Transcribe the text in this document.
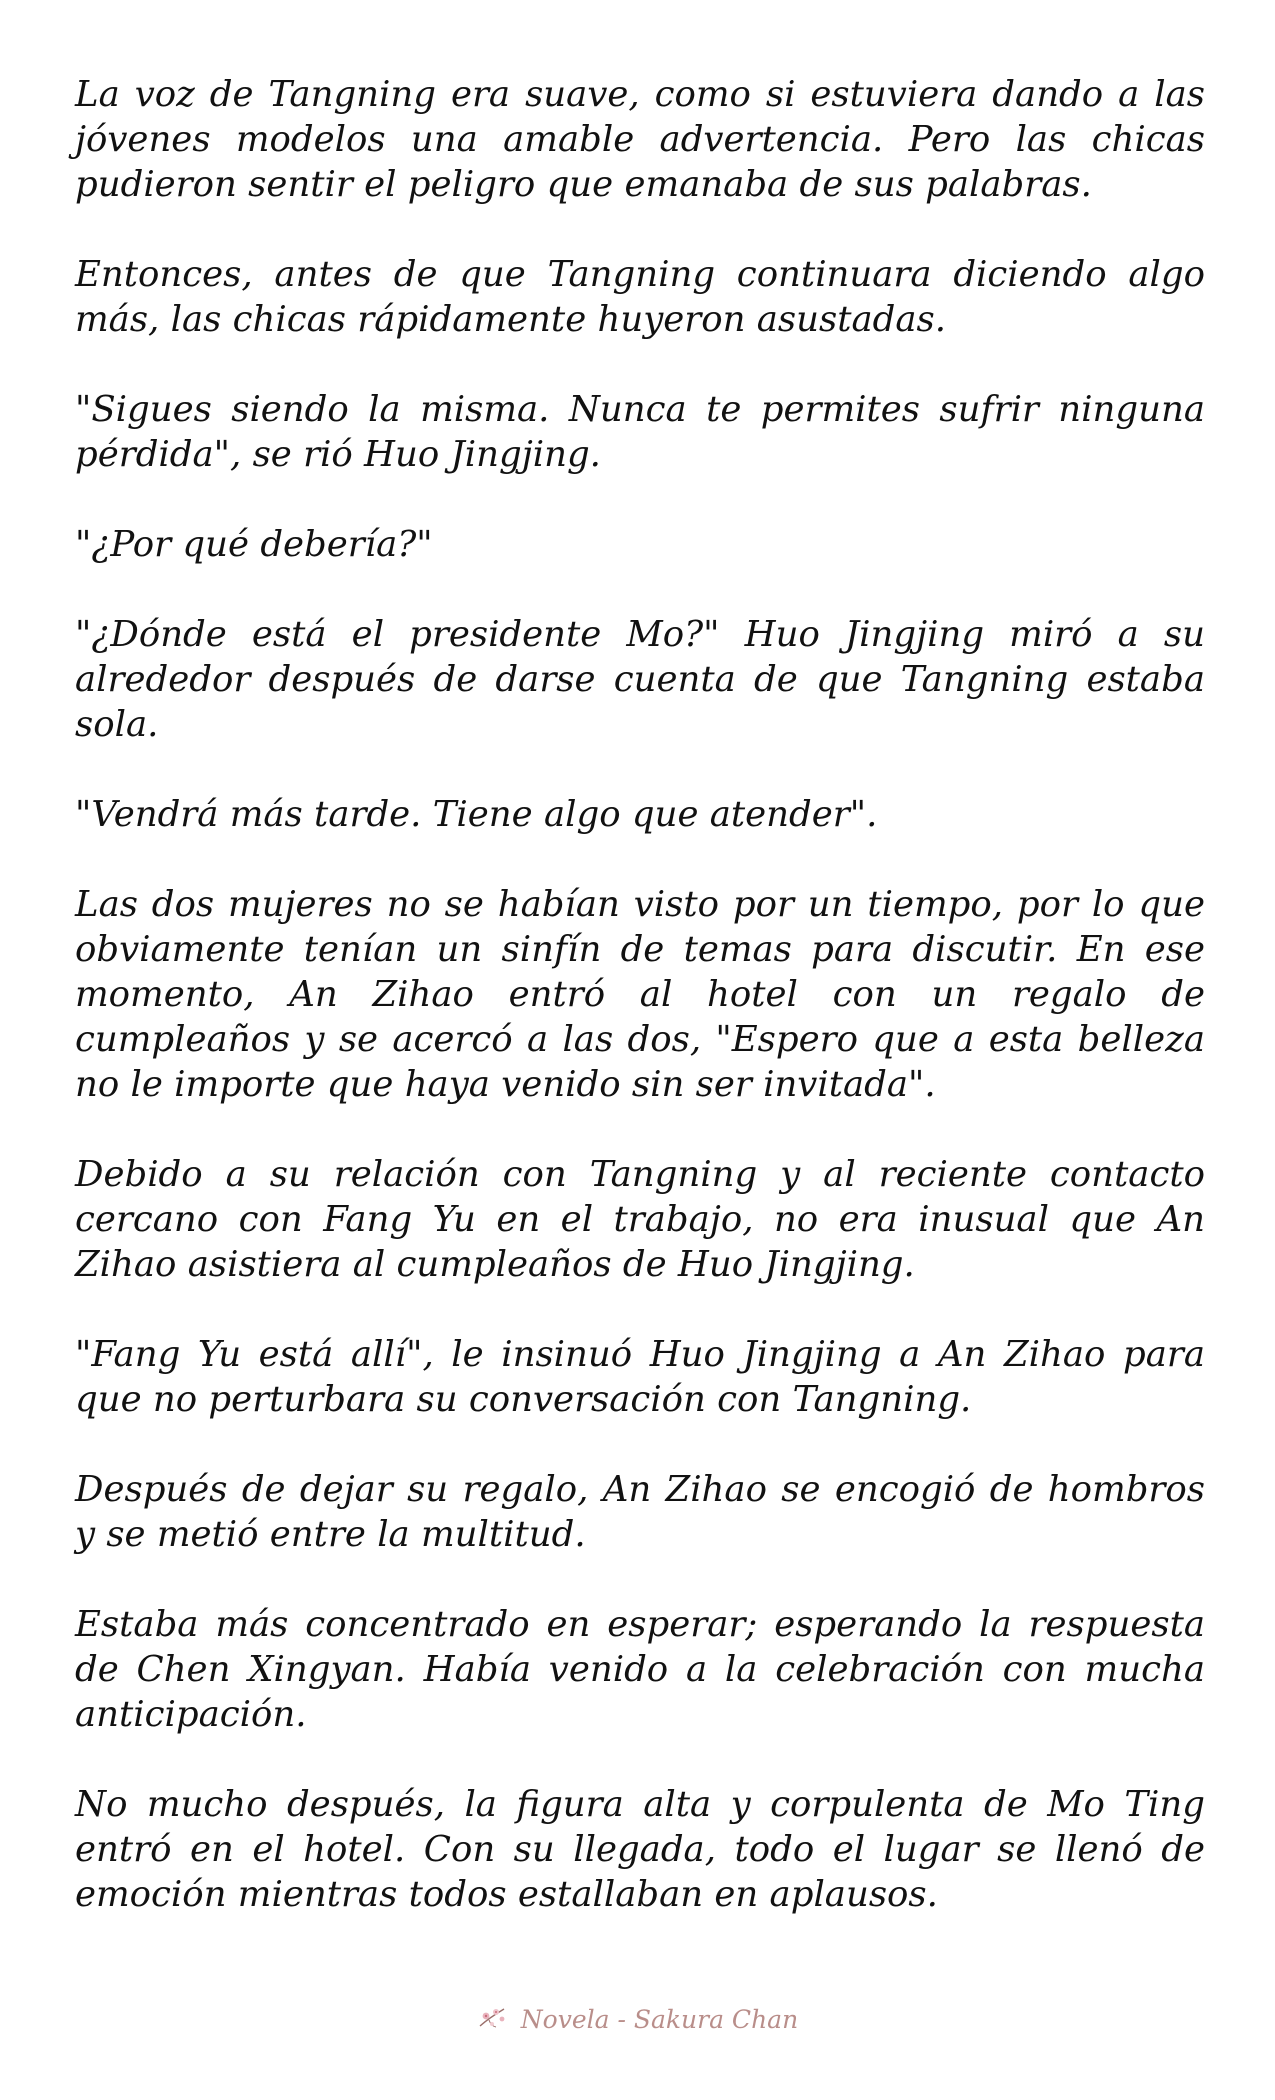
La voz de Tangning era suave, como si estuviera dando a las jóvenes modelos una amable advertencia. Pero las chicas pudieron sentir el peligro que emanaba de sus palabras.

Entonces, antes de que Tangning continuara diciendo algo más, las chicas rápidamente huyeron asustadas.

"Sigues siendo la misma. Nunca te permites sufrir ninguna pérdida", se rió Huo Jingjing.

"¿Por qué debería?"

"¿Dónde está el presidente Mo?" Huo Jingjing miró a su alrededor después de darse cuenta de que Tangning estaba sola.

"Vendrá más tarde. Tiene algo que atender".

Las dos mujeres no se habían visto por un tiempo, por lo que obviamente tenían un sinfín de temas para discutir. En ese momento, An Zihao entró al hotel con un regalo de cumpleaños y se acercó a las dos, "Espero que a esta belleza no le importe que haya venido sin ser invitada".

Debido a su relación con Tangning y al reciente contacto cercano con Fang Yu en el trabajo, no era inusual que An Zihao asistiera al cumpleaños de Huo Jingjing.

"Fang Yu está allí", le insinuó Huo Jingjing a An Zihao para que no perturbara su conversación con Tangning.

Después de dejar su regalo, An Zihao se encogió de hombros y se metió entre la multitud.

Estaba más concentrado en esperar; esperando la respuesta de Chen Xingyan. Había venido a la celebración con mucha anticipación.

No mucho después, la figura alta y corpulenta de Mo Ting entró en el hotel. Con su llegada, todo el lugar se llenó de emoción mientras todos estallaban en aplausos.

Novela - Sakura Chan
